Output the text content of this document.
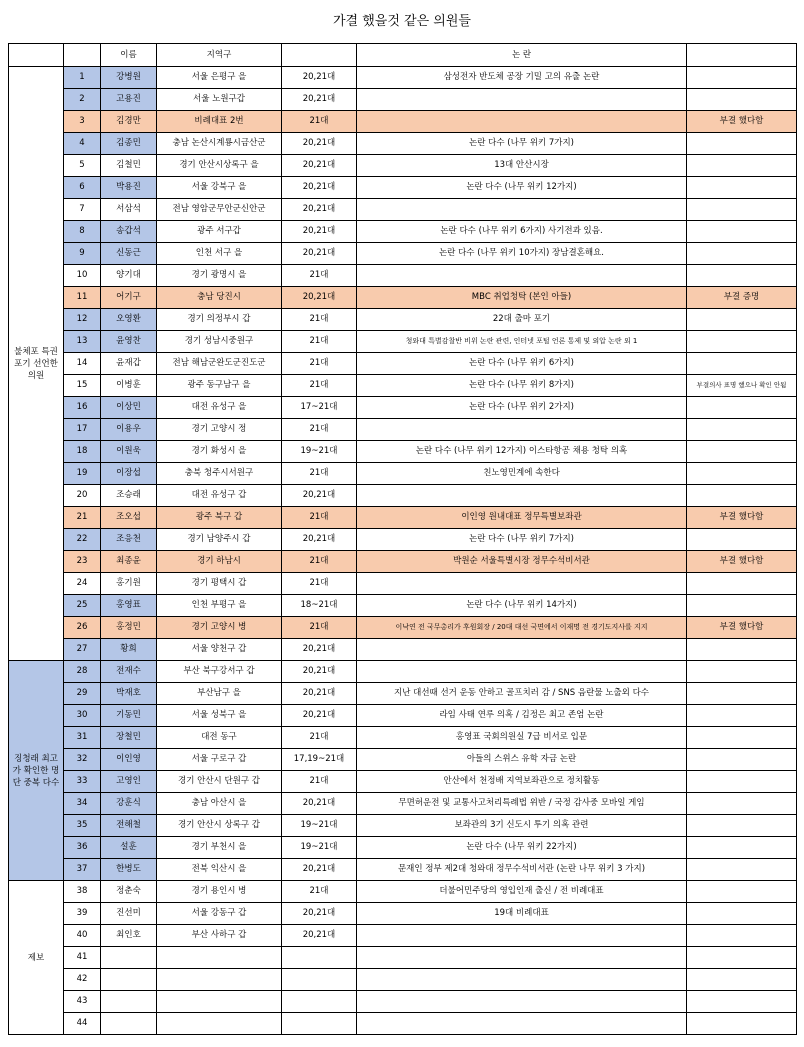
가결 했을것 같은 의원들
		이름	지역구		논 란	
불체포 특권 포기 선언한 의원	1	강병원	서울 은평구 을	20,21대	삼성전자 반도체 공장 기밀 고의 유출 논란	
	2	고용진	서울 노원구갑	20,21대		
	3	김경만	비례대표 2번	21대		부결 했다함
	4	김종민	충남 논산시계룡시금산군	20,21대	논란 다수 (나무 위키 7가지)	
	5	김철민	경기 안산시상록구 을	20,21대	13대 안산시장	
	6	박용진	서울 강북구 을	20,21대	논란 다수 (나무 위키 12가지)	
	7	서삼석	전남 영암군무안군신안군	20,21대		
	8	송갑석	광주 서구갑	20,21대	논란 다수 (나무 위키 6가지) 사기전과 있음.	
	9	신동근	인천 서구 을	20,21대	논란 다수 (나무 위키 10가지) 장남결혼해요.	
	10	양기대	경기 광명시 을	21대		
	11	어기구	충남 당진시	20,21대	MBC 취업청탁 (본인 아들)	부결 증명
	12	오영환	경기 의정부시 갑	21대	22대 출마 포기	
	13	윤영찬	경기 성남시중원구	21대	청와대 특별감찰반 비위 논란 관련, 인터넷 포털 언론 통제 및 외압 논란 외 1	
	14	윤재갑	전남 해남군완도군진도군	21대	논란 다수 (나무 위키 6가지)	
	15	이병훈	광주 동구남구 을	21대	논란 다수 (나무 위키 8가지)	부결의사 표명 했으나 확인 안됨
	16	이상민	대전 유성구 을	17~21대	논란 다수 (나무 위키 2가지)	
	17	이용우	경기 고양시 정	21대		
	18	이원욱	경기 화성시 을	19~21대	논란 다수 (나무 위키 12가지) 이스타항공 채용 청탁 의혹	
	19	이장섭	충북 청주시서원구	21대	친노영민계에 속한다	
	20	조승래	대전 유성구 갑	20,21대		
	21	조오섭	광주 북구 갑	21대	이인영 원내대표 정무특별보좌관	부결 했다함
	22	조응천	경기 남양주시 갑	20,21대	논란 다수 (나무 위키 7가지)	
	23	최종윤	경기 하남시	21대	박원순 서울특별시장 정무수석비서관	부결 했다함
	24	홍기원	경기 평택시 갑	21대		
	25	홍영표	인천 부평구 을	18~21대	논란 다수 (나무 위키 14가지)	
	26	홍정민	경기 고양시 병	21대	이낙연 전 국무총리가 후원회장 / 20대 대선 국면에서 이재명 전 경기도지사를 지지	부결 했다함
	27	황희	서울 양천구 갑	20,21대		
징청래 최고가 확인한 명단 중복 다수	28	전재수	부산 북구강서구 갑	20,21대		
	29	박재호	부산남구 을	20,21대	지난 대선때 선거 운동 안하고 골프치러 감 / SNS 음란물 노출외 다수	
	30	기동민	서울 성북구 을	20,21대	라임 사태 연루 의혹 / 김정은 최고 존엄 논란	
	31	장철민	대전 동구	21대	홍영표 국회의원실 7급 비서로 입문	
	32	이인영	서울 구로구 갑	17,19~21대	아들의 스위스 유학 자금 논란	
	33	고영인	경기 안산시 단원구 갑	21대	안산에서 천정배 지역보좌관으로 정치활동	
	34	강훈식	충남 아산시 을	20,21대	무면허운전 및 교통사고처리특례법 위반 / 국정 감사중 모바일 게임	
	35	전해철	경기 안산시 상록구 갑	19~21대	보좌관의 3기 신도시 투기 의혹 관련	
	36	설훈	경기 부천시 을	19~21대	논란 다수 (나무 위키 22가지)	
	37	한병도	전북 익산시 을	20,21대	문재인 정부 제2대 청와대 정무수석비서관 (논란 나무 위키 3 가지)	
제보	38	정춘숙	경기 용인시 병	21대	더불어민주당의 영입인재 출신 / 전 비례대표	
	39	진선미	서울 강동구 갑	20,21대	19대 비례대표	
	40	최인호	부산 사하구 갑	20,21대		
	41					
	42					
	43					
	44					
